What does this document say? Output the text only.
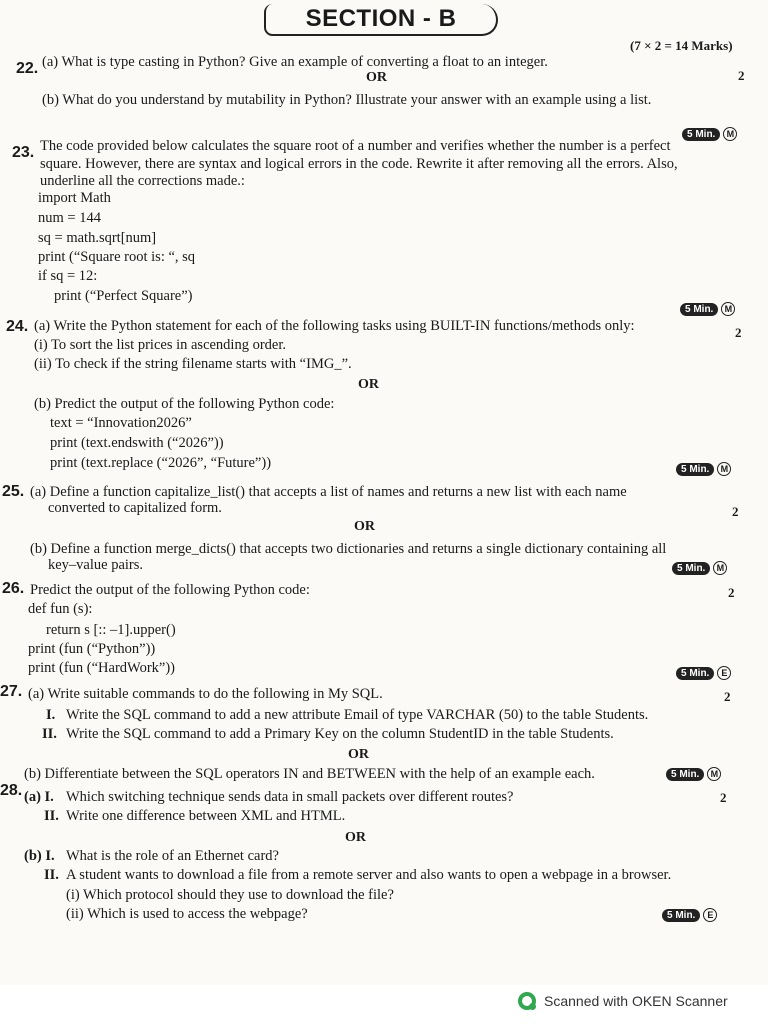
SECTION - B
(7 × 2 = 14 Marks)
22. (a) What is type casting in Python? Give an example of converting a float to an integer.
2
OR
(b) What do you understand by mutability in Python? Illustrate your answer with an example using a list.
5 Min.	M
23. The code provided below calculates the square root of a number and verifies whether the number is a perfect
square. However, there are syntax and logical errors in the code. Rewrite it after removing all the errors. Also,
underline all the corrections made.:
import Math
num = 144
sq = math.sqrt[num]
print (“Square root is: “, sq
if sq = 12:
print (“Perfect Square”)
2
5 Min.	M
24. (a) Write the Python statement for each of the following tasks using BUILT-IN functions/methods only:
(i) To sort the list prices in ascending order.
(ii) To check if the string filename starts with “IMG_”.
OR
(b) Predict the output of the following Python code:
text = “Innovation2026”
print (text.endswith (“2026”))
print (text.replace (“2026”, “Future”))	5 Min.	M
25. (a) Define a function capitalize_list() that accepts a list of names and returns a new list with each name
converted to capitalized form.	2
OR
(b) Define a function merge_dicts() that accepts two dictionaries and returns a single dictionary containing all
key–value pairs.	5 Min.	M
26. Predict the output of the following Python code:	2
def fun (s):
return s [:: –1].upper()
print (fun (“Python”))
print (fun (“HardWork”))	5 Min.	E
27. (a) Write suitable commands to do the following in My SQL.	2
I. Write the SQL command to add a new attribute Email of type VARCHAR (50) to the table Students.
II. Write the SQL command to add a Primary Key on the column StudentID in the table Students.
OR
(b) Differentiate between the SQL operators IN and BETWEEN with the help of an example each.	5 Min.	M
28. (a) I. Which switching technique sends data in small packets over different routes?	2
II. Write one difference between XML and HTML.
OR
(b) I. What is the role of an Ethernet card?
II. A student wants to download a file from a remote server and also wants to open a webpage in a browser.
(i) Which protocol should they use to download the file?
(ii) Which is used to access the webpage?	5 Min.	E
Scanned with OKEN Scanner
